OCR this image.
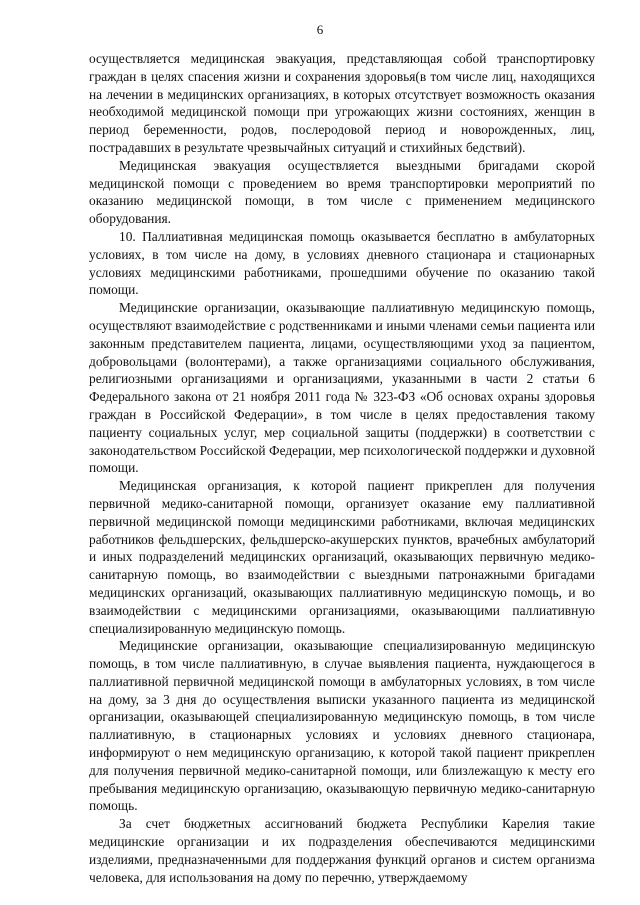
6

осуществляется медицинская эвакуация, представляющая собой транспортировку граждан в целях спасения жизни и сохранения здоровья(в том числе лиц, находящихся на лечении в медицинских организациях, в которых отсутствует возможность оказания необходимой медицинской помощи при угрожающих жизни состояниях, женщин в период беременности, родов, послеродовой период и новорожденных, лиц, пострадавших в результате чрезвычайных ситуаций и стихийных бедствий).

Медицинская эвакуация осуществляется выездными бригадами скорой медицинской помощи с проведением во время транспортировки мероприятий по оказанию медицинской помощи, в том числе с применением медицинского оборудования.

10. Паллиативная медицинская помощь оказывается бесплатно в амбулаторных условиях, в том числе на дому, в условиях дневного стационара и стационарных условиях медицинскими работниками, прошедшими обучение по оказанию такой помощи.

Медицинские организации, оказывающие паллиативную медицинскую помощь, осуществляют взаимодействие с родственниками и иными членами семьи пациента или законным представителем пациента, лицами, осуществляющими уход за пациентом, добровольцами (волонтерами), а также организациями социального обслуживания, религиозными организациями и организациями, указанными в части 2 статьи 6 Федерального закона от 21 ноября 2011 года № 323-ФЗ «Об основах охраны здоровья граждан в Российской Федерации», в том числе в целях предоставления такому пациенту социальных услуг, мер социальной защиты (поддержки) в соответствии с законодательством Российской Федерации, мер психологической поддержки и духовной помощи.

Медицинская организация, к которой пациент прикреплен для получения первичной медико-санитарной помощи, организует оказание ему паллиативной первичной медицинской помощи медицинскими работниками, включая медицинских работников фельдшерских, фельдшерско-акушерских пунктов, врачебных амбулаторий и иных подразделений медицинских организаций, оказывающих первичную медико-санитарную помощь, во взаимодействии с выездными патронажными бригадами медицинских организаций, оказывающих паллиативную медицинскую помощь, и во взаимодействии с медицинскими организациями, оказывающими паллиативную специализированную медицинскую помощь.

Медицинские организации, оказывающие специализированную медицинскую помощь, в том числе паллиативную, в случае выявления пациента, нуждающегося в паллиативной первичной медицинской помощи в амбулаторных условиях, в том числе на дому, за 3 дня до осуществления выписки указанного пациента из медицинской организации, оказывающей специализированную медицинскую помощь, в том числе паллиативную, в стационарных условиях и условиях дневного стационара, информируют о нем медицинскую организацию, к которой такой пациент прикреплен для получения первичной медико-санитарной помощи, или близлежащую к месту его пребывания медицинскую организацию, оказывающую первичную медико-санитарную помощь.

За счет бюджетных ассигнований бюджета Республики Карелия такие медицинские организации и их подразделения обеспечиваются медицинскими изделиями, предназначенными для поддержания функций органов и систем организма человека, для использования на дому по перечню, утверждаемому
